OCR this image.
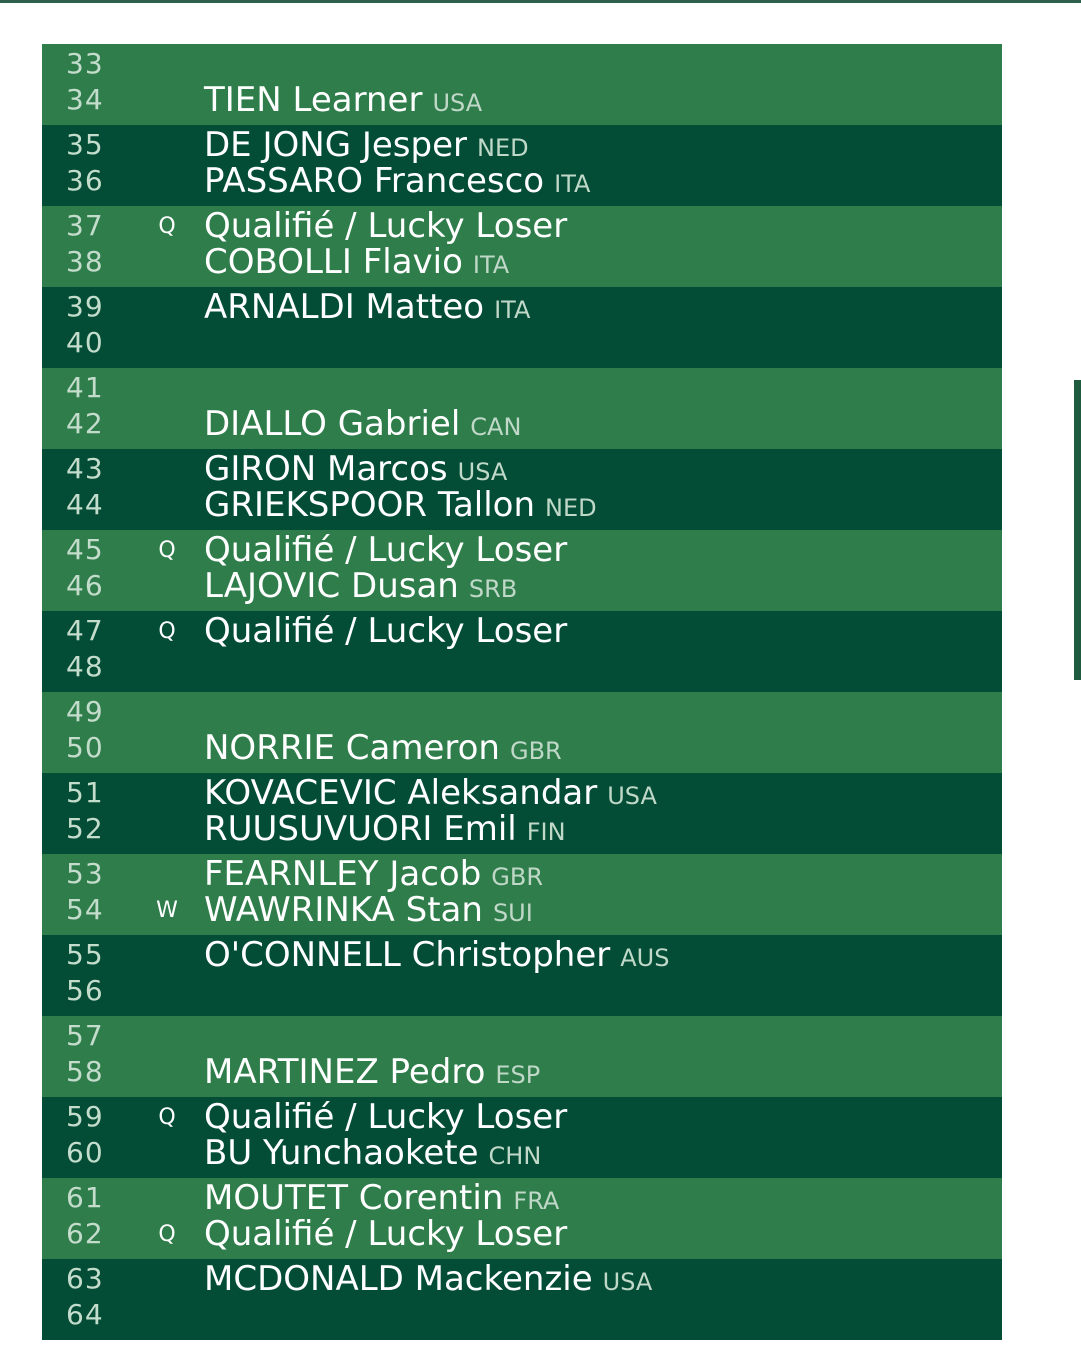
33
34	TIEN Learner USA
35	DE JONG Jesper NED
36	PASSARO Francesco ITA
37 Q Qualifié / Lucky Loser
38	COBOLLI Flavio ITA
39	ARNALDI Matteo ITA
40
41
42	DIALLO Gabriel CAN
43	GIRON Marcos USA
44	GRIEKSPOOR Tallon NED
45 Q Qualifié / Lucky Loser
46	LAJOVIC Dusan SRB
47 Q Qualifié / Lucky Loser
48
49
50	NORRIE Cameron GBR
51	KOVACEVIC Aleksandar USA
52	RUUSUVUORI Emil FIN
53	FEARNLEY Jacob GBR
54 W WAWRINKA Stan SUI
55	O'CONNELL Christopher AUS
56
57
58	MARTINEZ Pedro ESP
59 Q Qualifié / Lucky Loser
60	BU Yunchaokete CHN
61	MOUTET Corentin FRA
62 Q Qualifié / Lucky Loser
63	MCDONALD Mackenzie USA
64
